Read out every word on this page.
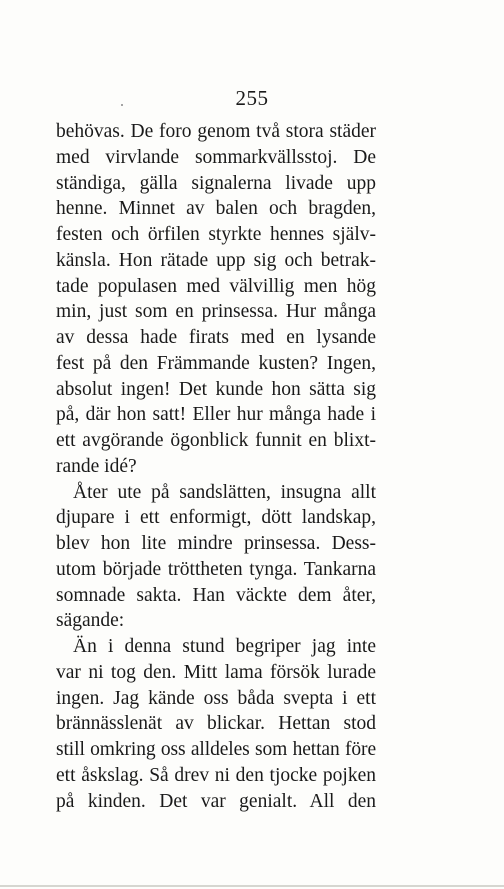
255
behövas. De foro genom två stora städer
med virvlande sommarkvällsstoj. De
ständiga, gälla signalerna livade upp
henne. Minnet av balen och bragden,
festen och örfilen styrkte hennes själv-
känsla. Hon rätade upp sig och betrak-
tade populasen med välvillig men hög
min, just som en prinsessa. Hur många
av dessa hade firats med en lysande
fest på den Främmande kusten? Ingen,
absolut ingen! Det kunde hon sätta sig
på, där hon satt! Eller hur många hade i
ett avgörande ögonblick funnit en blixt-
rande idé?
Åter ute på sandslätten, insugna allt
djupare i ett enformigt, dött landskap,
blev hon lite mindre prinsessa. Dess-
utom började tröttheten tynga. Tankarna
somnade sakta. Han väckte dem åter,
sägande:
Än i denna stund begriper jag inte
var ni tog den. Mitt lama försök lurade
ingen. Jag kände oss båda svepta i ett
brännässlenät av blickar. Hettan stod
still omkring oss alldeles som hettan före
ett åskslag. Så drev ni den tjocke pojken
på kinden. Det var genialt. All den
